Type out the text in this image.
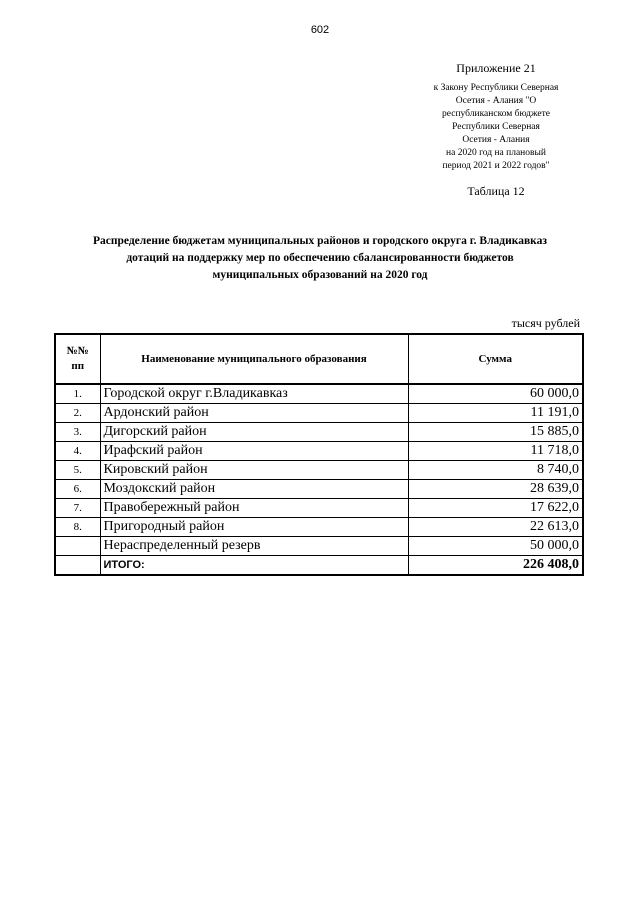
602
Приложение 21
к Закону Республики Северная
Осетия - Алания "О
республиканском бюджете
Республики Северная
Осетия - Алания
на 2020 год на плановый
период 2021 и 2022 годов"
Таблица 12
Распределение бюджетам муниципальных районов и городского округа г. Владикавказ
дотаций на поддержку мер по обеспечению сбалансированности бюджетов
муниципальных образований на 2020 год
тысяч рублей
№№
пп	Наименование муниципального образования	Сумма
1.	Городской округ г.Владикавказ	60 000,0
2.	Ардонский район	11 191,0
3.	Дигорский район	15 885,0
4.	Ирафский район	11 718,0
5.	Кировский район	8 740,0
6.	Моздокский район	28 639,0
7.	Правобережный район	17 622,0
8.	Пригородный район	22 613,0
	Нераспределенный резерв	50 000,0
	ИТОГО:	226 408,0
